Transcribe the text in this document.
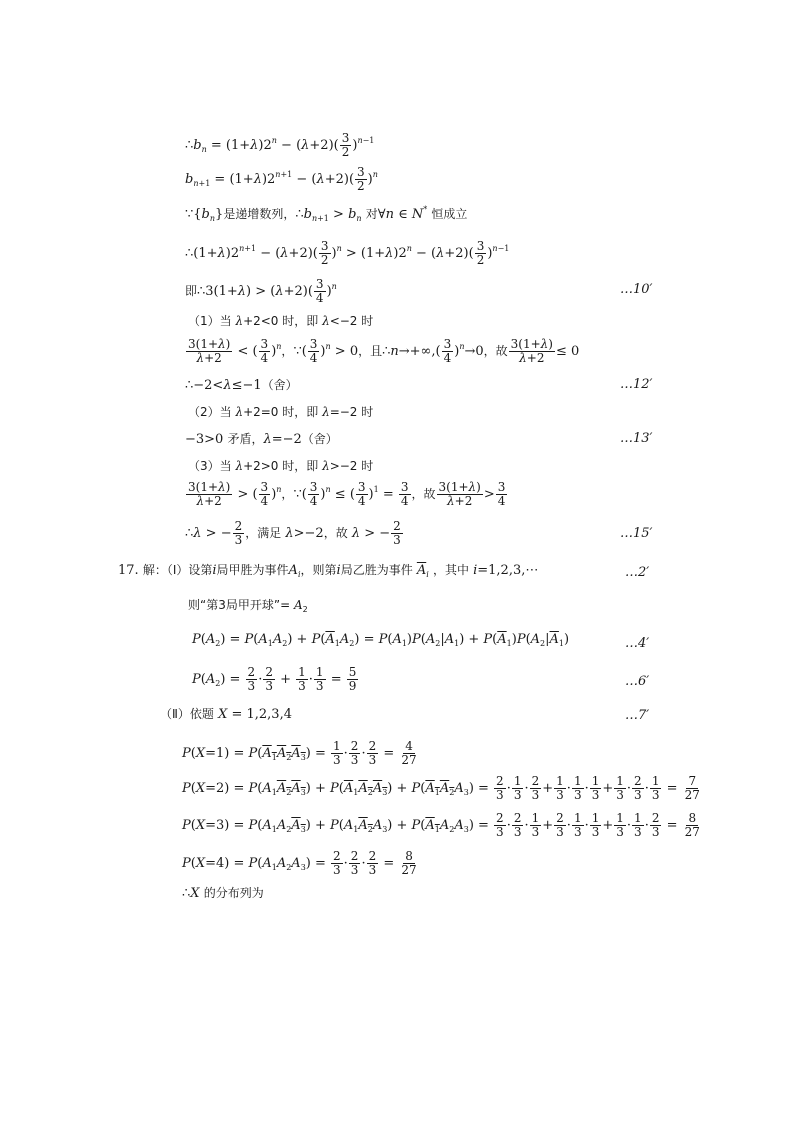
$\therefore b_n = (1+\lambda)2^n - (\lambda+2)( \frac{3}{2} )^{n-1}$
$b_{n+1} = (1+\lambda)2^{n+1} - (\lambda+2)( \frac{3}{2} )^n$
$\because\{b_n\}$是递增数列，$\therefore b_{n+1} > b_n$ 对∀n ∈ N* 恒成立
$\therefore(1+\lambda)2^{n+1} - (\lambda+2)( \frac{3}{2} )^n > (1+\lambda)2^n - (\lambda+2)( \frac{3}{2} )^{n-1}$
即∴3(1+λ) > $(\lambda+2)( \frac{3}{4} )^n$	…10′
（1）当 λ+2<0 时，即 λ<−2 时
$\frac{3(1+\lambda)}{\lambda+2}$ < ( $\frac{3}{4} )^n$，∵( $\frac{3}{4} )^n > 0$，且∴n→+∞,( $\frac{3}{4} )^n\to 0$，故 $\frac{3(1+\lambda)}{\lambda+2} \le 0$
∴−2<λ≤−1（舍）	…12′
（2）当 λ+2=0 时，即 λ=−2 时
−3>0 矛盾，λ=−2（舍）	…13′
（3）当 λ+2>0 时，即 λ>−2 时
$\frac{3(1+\lambda)}{\lambda+2}$ > ( $\frac{3}{4} )^n$，∵( $\frac{3}{4} )^n$ ≤ ( $\frac{3}{4} )^1 = \frac{3}{4}$ ，故 $\frac{3(1+\lambda)}{\lambda+2} > \frac{3}{4}$
∴λ > − $\frac{2}{3}$ ，满足 λ>−2，故 λ > − $\frac{2}{3}$	…15′
17. 解：（Ⅰ）设第i局甲胜为事件$A_i$，则第i局乙胜为事件 $\overline{A}_i$ ，其中 i=1,2,3,⋯	…2′
则“第3局甲开球”= $A_2$
$P(A_2) = P(A_1A_2) + P(\overline{A}_1A_2) = P(A_1)P(A_2|A_1) + P(\overline{A}_1)P(A_2|\overline{A}_1)$	…4′
$P(A_2) = \frac{2}{3} \cdot \frac{2}{3} + \frac{1}{3} \cdot \frac{1}{3} = \frac{5}{9}$	…6′
（Ⅱ）依题 X = 1,2,3,4	…7′
$P(X=1) = P(A_1A_2A_3) = \frac{1}{3} \cdot \frac{2}{3} \cdot \frac{2}{3} = \frac{4}{27}$
$P(X=2) = P(A_1A_2A_3) + P(\overline{A}_1A_2A_3) + P(A_1A_2A_3) = \frac{2}{3} \cdot \frac{1}{3} \cdot \frac{2}{3} + \frac{1}{3} \cdot \frac{1}{3} \cdot \frac{1}{3} + \frac{1}{3} \cdot \frac{2}{3} \cdot \frac{1}{3} = \frac{7}{27}$
$P(X=3) = P(A_1A_2A_3) + P(A_1A_2A_3) + P(A_1A_2A_3) = \frac{2}{3} \cdot \frac{2}{3} \cdot \frac{1}{3} + \frac{2}{3} \cdot \frac{1}{3} \cdot \frac{1}{3} + \frac{1}{3} \cdot \frac{1}{3} \cdot \frac{2}{3} = \frac{8}{27}$
$P(X=4) = P(A_1A_2A_3) = \frac{2}{3} \cdot \frac{2}{3} \cdot \frac{2}{3} = \frac{8}{27}$
∴X 的分布列为
